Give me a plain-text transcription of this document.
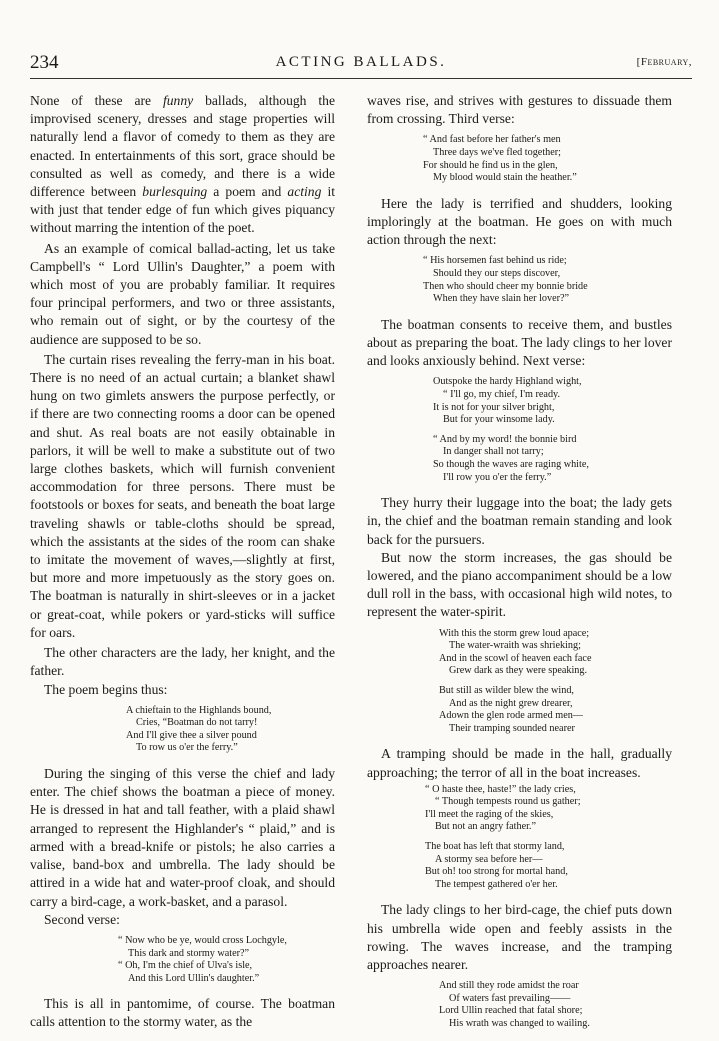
234	ACTING BALLADS.	[February,

None of these are funny ballads, although the improvised scenery, dresses and stage properties will naturally lend a flavor of comedy to them as they are enacted. In entertainments of this sort, grace should be consulted as well as comedy, and there is a wide difference between burlesquing a poem and acting it with just that tender edge of fun which gives piquancy without marring the intention of the poet.

As an example of comical ballad-acting, let us take Campbell's “ Lord Ullin's Daughter,” a poem with which most of you are probably familiar. It requires four principal performers, and two or three assistants, who remain out of sight, or by the courtesy of the audience are supposed to be so.

The curtain rises revealing the ferry-man in his boat. There is no need of an actual curtain; a blanket shawl hung on two gimlets answers the purpose perfectly, or if there are two connecting rooms a door can be opened and shut. As real boats are not easily obtainable in parlors, it will be well to make a substitute out of two large clothes baskets, which will furnish convenient accommodation for three persons. There must be footstools or boxes for seats, and beneath the boat large traveling shawls or table-cloths should be spread, which the assistants at the sides of the room can shake to imitate the movement of waves,—slightly at first, but more and more impetuously as the story goes on. The boatman is naturally in shirt-sleeves or in a jacket or great-coat, while pokers or yard-sticks will suffice for oars.

The other characters are the lady, her knight, and the father.

The poem begins thus:

A chieftain to the Highlands bound,
Cries, “Boatman do not tarry!
And I'll give thee a silver pound
To row us o'er the ferry.”

During the singing of this verse the chief and lady enter. The chief shows the boatman a piece of money. He is dressed in hat and tall feather, with a plaid shawl arranged to represent the Highlander's “ plaid,” and is armed with a bread-knife or pistols; he also carries a valise, band-box and umbrella. The lady should be attired in a wide hat and water-proof cloak, and should carry a bird-cage, a work-basket, and a parasol.

Second verse:

“ Now who be ye, would cross Lochgyle,
This dark and stormy water?”
“ Oh, I'm the chief of Ulva's isle,
And this Lord Ullin's daughter.”

This is all in pantomime, of course. The boatman calls attention to the stormy water, as the

waves rise, and strives with gestures to dissuade them from crossing. Third verse:

“ And fast before her father's men
Three days we've fled together;
For should he find us in the glen,
My blood would stain the heather.”

Here the lady is terrified and shudders, looking imploringly at the boatman. He goes on with much action through the next:

“ His horsemen fast behind us ride;
Should they our steps discover,
Then who should cheer my bonnie bride
When they have slain her lover?”

The boatman consents to receive them, and bustles about as preparing the boat. The lady clings to her lover and looks anxiously behind. Next verse:

Outspoke the hardy Highland wight,
“ I'll go, my chief, I'm ready.
It is not for your silver bright,
But for your winsome lady.
“ And by my word! the bonnie bird
In danger shall not tarry;
So though the waves are raging white,
I'll row you o'er the ferry.”

They hurry their luggage into the boat; the lady gets in, the chief and the boatman remain standing and look back for the pursuers.

But now the storm increases, the gas should be lowered, and the piano accompaniment should be a low dull roll in the bass, with occasional high wild notes, to represent the water-spirit.

With this the storm grew loud apace;
The water-wraith was shrieking;
And in the scowl of heaven each face
Grew dark as they were speaking.
But still as wilder blew the wind,
And as the night grew drearer,
Adown the glen rode armed men—
Their tramping sounded nearer

A tramping should be made in the hall, gradually approaching; the terror of all in the boat increases.

“ O haste thee, haste!” the lady cries,
“ Though tempests round us gather;
I'll meet the raging of the skies,
But not an angry father.”
The boat has left that stormy land,
A stormy sea before her—
But oh! too strong for mortal hand,
The tempest gathered o'er her.

The lady clings to her bird-cage, the chief puts down his umbrella wide open and feebly assists in the rowing. The waves increase, and the tramping approaches nearer.

And still they rode amidst the roar
Of waters fast prevailing——
Lord Ullin reached that fatal shore;
His wrath was changed to wailing.
